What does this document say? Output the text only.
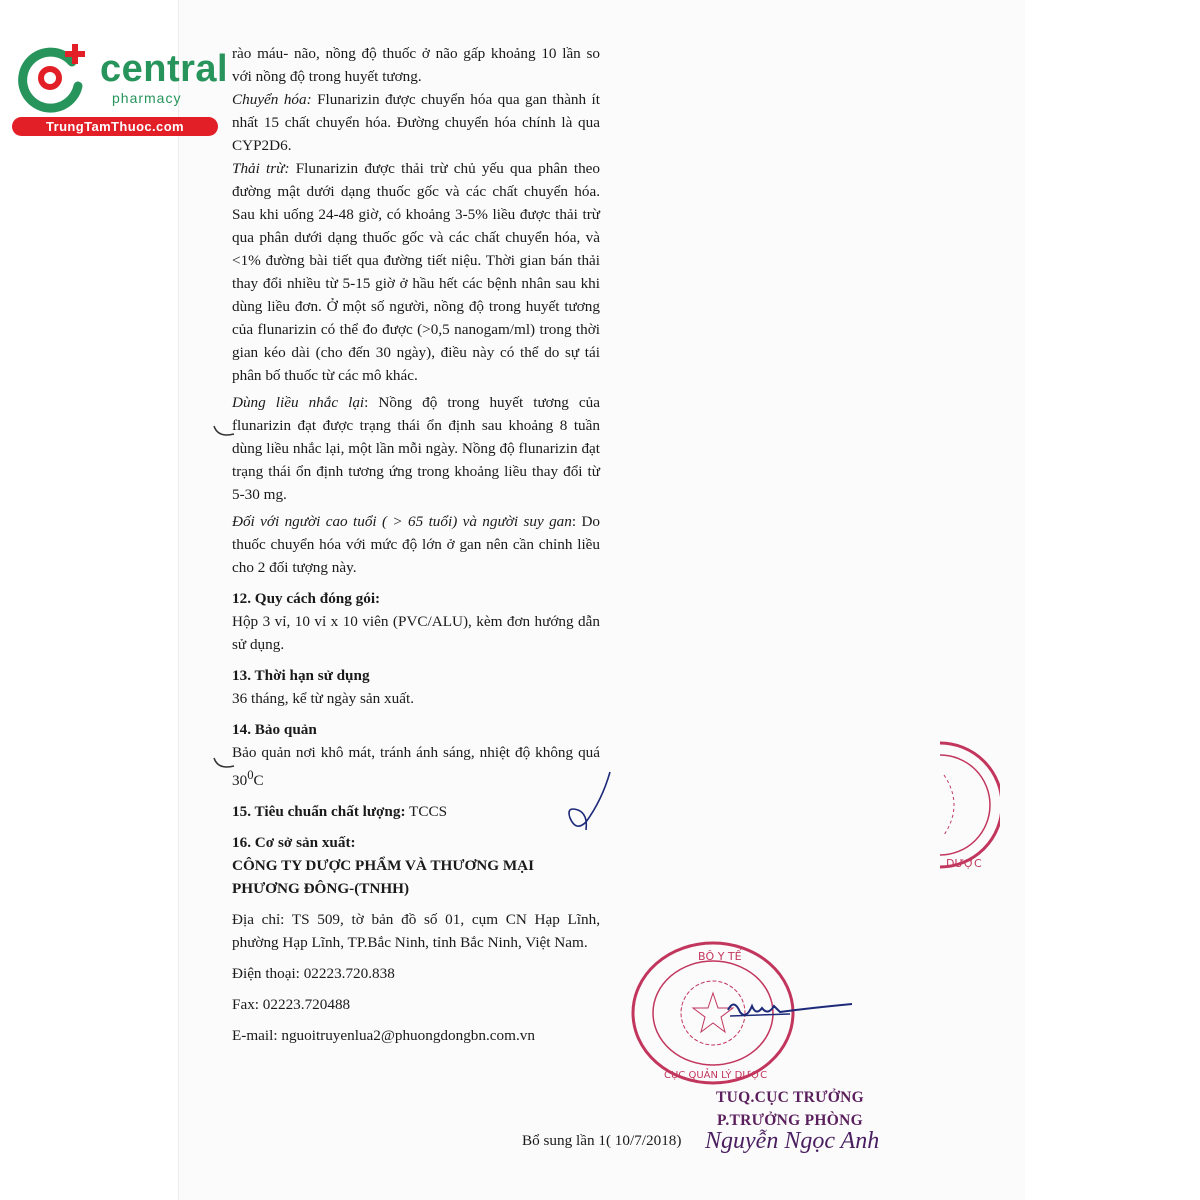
central
pharmacy
TrungTamThuoc.com

rào máu- não, nồng độ thuốc ở não gấp khoảng 10 lần so với nồng độ trong huyết tương.

Chuyển hóa: Flunarizin được chuyển hóa qua gan thành ít nhất 15 chất chuyển hóa. Đường chuyển hóa chính là qua CYP2D6.

Thải trừ: Flunarizin được thải trừ chủ yếu qua phân theo đường mật dưới dạng thuốc gốc và các chất chuyển hóa. Sau khi uống 24-48 giờ, có khoảng 3-5% liều được thải trừ qua phân dưới dạng thuốc gốc và các chất chuyển hóa, và <1% đường bài tiết qua đường tiết niệu. Thời gian bán thải thay đổi nhiều từ 5-15 giờ ở hầu hết các bệnh nhân sau khi dùng liều đơn. Ở một số người, nồng độ trong huyết tương của flunarizin có thể đo được (>0,5 nanogam/ml) trong thời gian kéo dài (cho đến 30 ngày), điều này có thể do sự tái phân bố thuốc từ các mô khác.

Dùng liều nhắc lại: Nồng độ trong huyết tương của flunarizin đạt được trạng thái ổn định sau khoảng 8 tuần dùng liều nhắc lại, một lần mỗi ngày. Nồng độ flunarizin đạt trạng thái ổn định tương ứng trong khoảng liều thay đổi từ 5-30 mg.

Đối với người cao tuổi ( > 65 tuổi) và người suy gan: Do thuốc chuyển hóa với mức độ lớn ở gan nên cần chỉnh liều cho 2 đối tượng này.

12. Quy cách đóng gói:

Hộp 3 vỉ, 10 vỉ x 10 viên (PVC/ALU), kèm đơn hướng dẫn sử dụng.

13. Thời hạn sử dụng

36 tháng, kể từ ngày sản xuất.

14. Bảo quản

Bảo quản nơi khô mát, tránh ánh sáng, nhiệt độ không quá $30^0C$

15. Tiêu chuẩn chất lượng: TCCS

16. Cơ sở sản xuất:

CÔNG TY DƯỢC PHẨM VÀ THƯƠNG MẠI

PHƯƠNG ĐÔNG-(TNHH)

Địa chỉ: TS 509, tờ bản đồ số 01, cụm CN Hạp Lĩnh, phường Hạp Lĩnh, TP.Bắc Ninh, tỉnh Bắc Ninh, Việt Nam.

Điện thoại: 02223.720.838

Fax: 02223.720488

E-mail: nguoitruyenlua2@phuongdongbn.com.vn

DƯỢC
BỘ Y TẾ
CỤC QUẢN LÝ DƯỢC
TUQ.CỤC TRƯỞNG
P.TRƯỞNG PHÒNG
Bổ sung lần 1( 10/7/2018) Nguyễn Ngọc Anh
